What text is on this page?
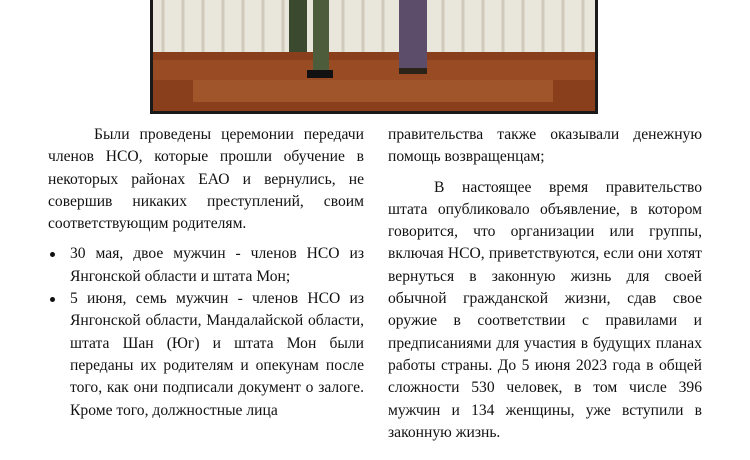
Были проведены церемонии передачи членов НСО, которые прошли обучение в некоторых районах ЕАО и вернулись, не совершив никаких преступлений, своим соответствующим родителям.

30 мая, двое мужчин - членов НСО из Янгонской области и штата Мон;
5 июня, семь мужчин - членов НСО из Янгонской области, Мандалайской области, штата Шан (Юг) и штата Мон были переданы их родителям и опекунам после того, как они подписали документ о залоге. Кроме того, должностные лица

правительства также оказывали денежную помощь возвращенцам;

В настоящее время правительство штата опубликовало объявление, в котором говорится, что организации или группы, включая НСО, приветствуются, если они хотят вернуться в законную жизнь для своей обычной гражданской жизни, сдав свое оружие в соответствии с правилами и предписаниями для участия в будущих планах работы страны. До 5 июня 2023 года в общей сложности 530 человек, в том числе 396 мужчин и 134 женщины, уже вступили в законную жизнь.
